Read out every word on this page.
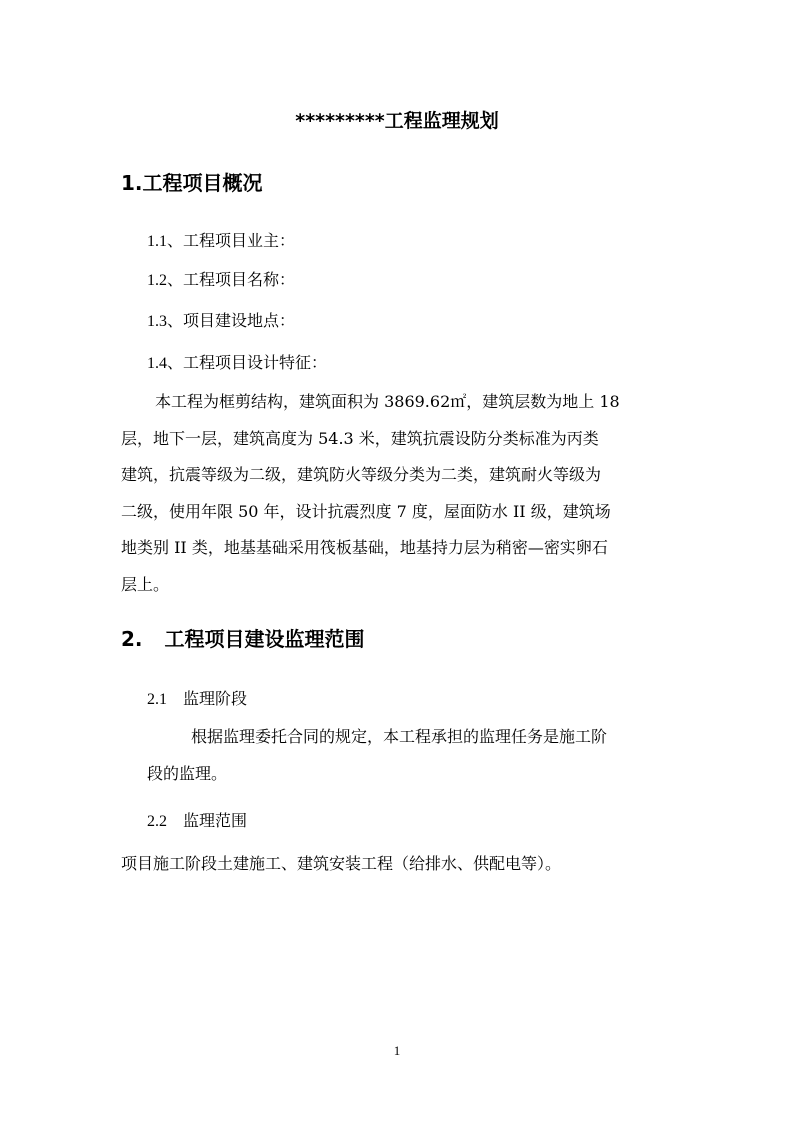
*********工程监理规划
1.工程项目概况
1.1、工程项目业主：
1.2、工程项目名称：
1.3、项目建设地点：
1.4、工程项目设计特征：

本工程为框剪结构，建筑面积为 3869.62㎡，建筑层数为地上 18

层，地下一层，建筑高度为 54.3 米，建筑抗震设防分类标准为丙类

建筑，抗震等级为二级，建筑防火等级分类为二类，建筑耐火等级为

二级，使用年限 50 年，设计抗震烈度 7 度，屋面防水 II 级，建筑场

地类别 II 类，地基基础采用筏板基础，地基持力层为稍密—密实卵石

层上。

2. 工程项目建设监理范围
2.1 监理阶段

根据监理委托合同的规定，本工程承担的监理任务是施工阶

段的监理。

2.2 监理范围
项目施工阶段土建施工、建筑安装工程（给排水、供配电等）。
1
